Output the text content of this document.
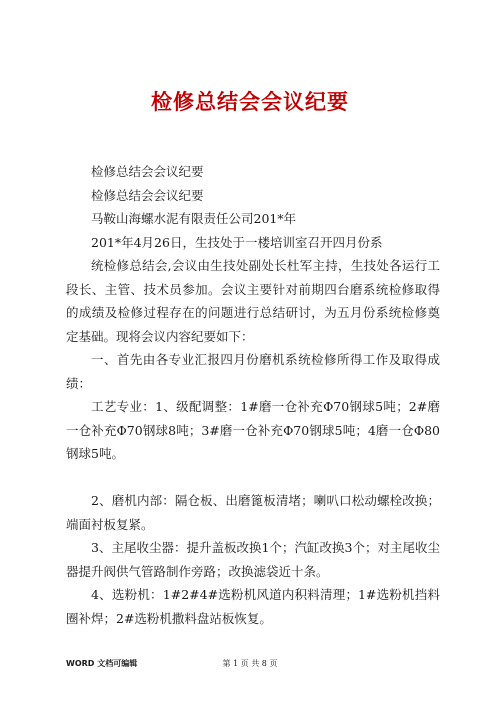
检修总结会会议纪要

检修总结会会议纪要

检修总结会会议纪要

马鞍山海螺水泥有限责任公司201*年

201*年4月26日，生技处于一楼培训室召开四月份系

统检修总结会,会议由生技处副处长杜军主持，生技处各运行工段长、主管、技术员参加。会议主要针对前期四台磨系统检修取得的成绩及检修过程存在的问题进行总结研讨，为五月份系统检修奠定基础。现将会议内容纪要如下：

一、首先由各专业汇报四月份磨机系统检修所得工作及取得成绩：

工艺专业：1、级配调整：1#磨一仓补充Φ70钢球5吨；2#磨一仓补充Φ70钢球8吨；3#磨一仓补充Φ70钢球5吨；4磨一仓Φ80钢球5吨。

2、磨机内部：隔仓板、出磨篦板清堵；喇叭口松动螺栓改换；端面衬板复紧。

3、主尾收尘器：提升盖板改换1个；汽缸改换3个；对主尾收尘器提升阀供气管路制作旁路；改换滤袋近十条。

4、选粉机：1#2#4#选粉机风道内积料清理；1#选粉机挡料圈补焊；2#选粉机撒料盘站板恢复。

WORD 文档可编辑	第 1 页 共 8 页
